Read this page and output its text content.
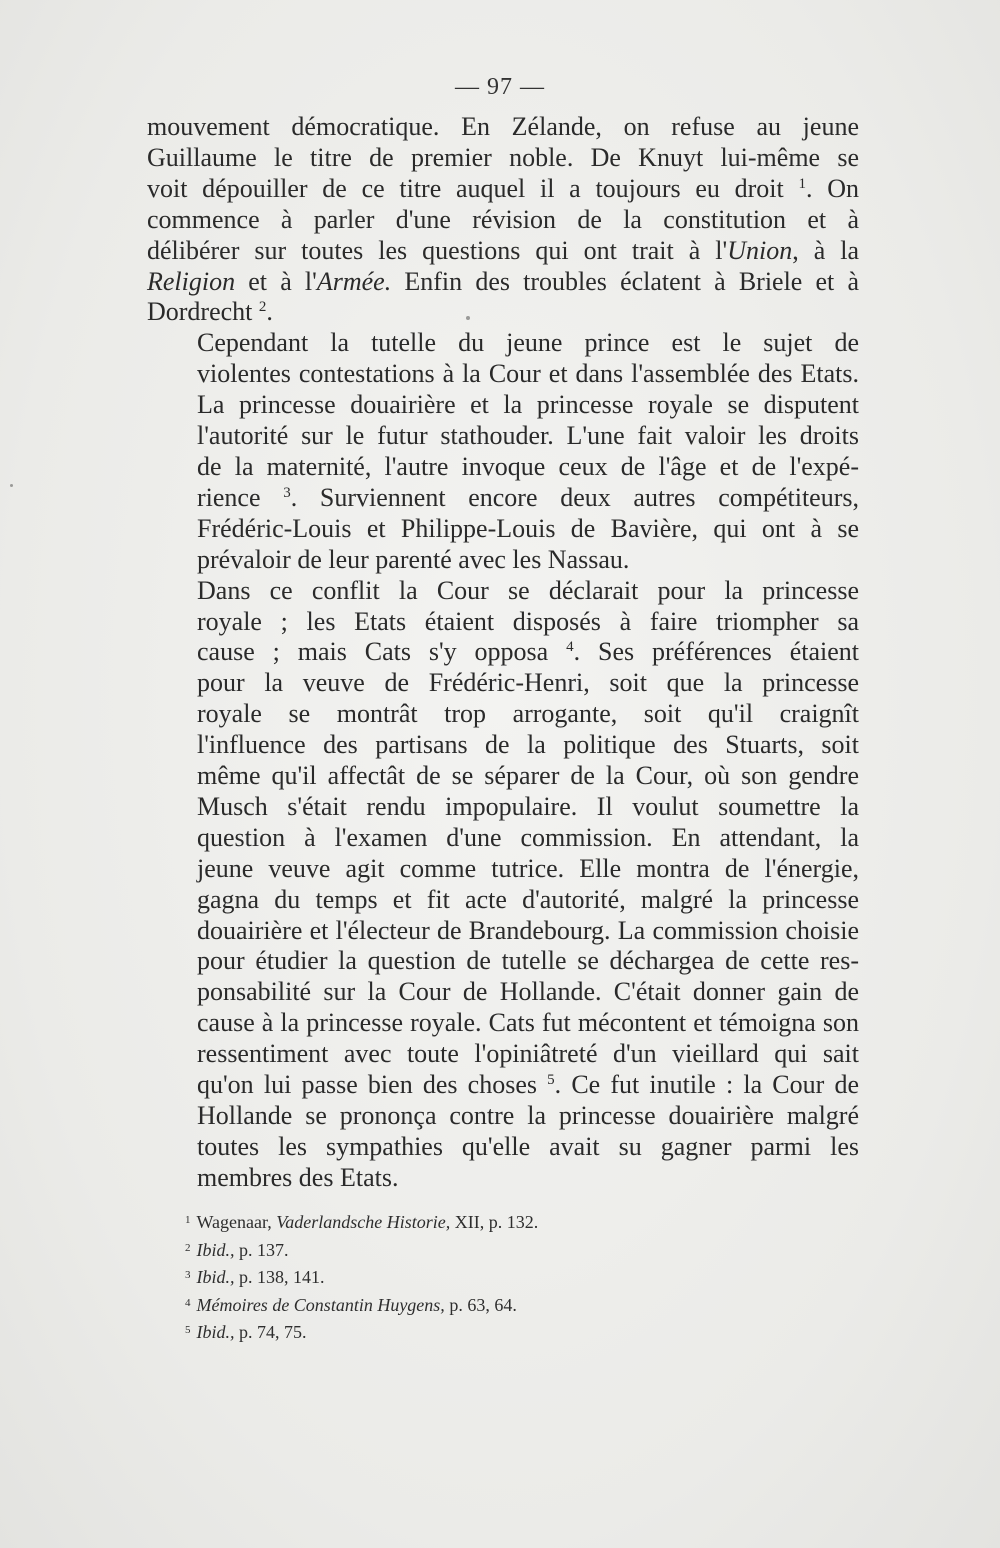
— 97 —

mouvement démocratique. En Zélande, on refuse au jeune
Guillaume le titre de premier noble. De Knuyt lui-même se
voit dépouiller de ce titre auquel il a toujours eu droit $^1$. On
commence à parler d'une révision de la constitution et à
délibérer sur toutes les questions qui ont trait à l'Union, à la
Religion et à l'Armée. Enfin des troubles éclatent à Briele et à
Dordrecht $^2$.

Cependant la tutelle du jeune prince est le sujet de
violentes contestations à la Cour et dans l'assemblée des Etats.
La princesse douairière et la princesse royale se disputent
l'autorité sur le futur stathouder. L'une fait valoir les droits
de la maternité, l'autre invoque ceux de l'âge et de l'expé-
rience $^3$. Surviennent encore deux autres compétiteurs,
Frédéric-Louis et Philippe-Louis de Bavière, qui ont à se
prévaloir de leur parenté avec les Nassau.

Dans ce conflit la Cour se déclarait pour la princesse
royale ; les Etats étaient disposés à faire triompher sa
cause ; mais Cats s'y opposa $^4$. Ses préférences étaient
pour la veuve de Frédéric-Henri, soit que la princesse
royale se montrât trop arrogante, soit qu'il craignît
l'influence des partisans de la politique des Stuarts, soit
même qu'il affectât de se séparer de la Cour, où son gendre
Musch s'était rendu impopulaire. Il voulut soumettre la
question à l'examen d'une commission. En attendant, la
jeune veuve agit comme tutrice. Elle montra de l'énergie,
gagna du temps et fit acte d'autorité, malgré la princesse
douairière et l'électeur de Brandebourg. La commission choisie
pour étudier la question de tutelle se déchargea de cette res-
ponsabilité sur la Cour de Hollande. C'était donner gain de
cause à la princesse royale. Cats fut mécontent et témoigna son
ressentiment avec toute l'opiniâtreté d'un vieillard qui sait
qu'on lui passe bien des choses $^5$. Ce fut inutile : la Cour de
Hollande se prononça contre la princesse douairière malgré
toutes les sympathies qu'elle avait su gagner parmi les
membres des Etats.

$^1$ Wagenaar, Vaderlandsche Historie, XII, p. 132.
$^2$ Ibid., p. 137.
$^3$ Ibid., p. 138, 141.
$^4$ Mémoires de Constantin Huygens, p. 63, 64.
$^5$ Ibid., p. 74, 75.
